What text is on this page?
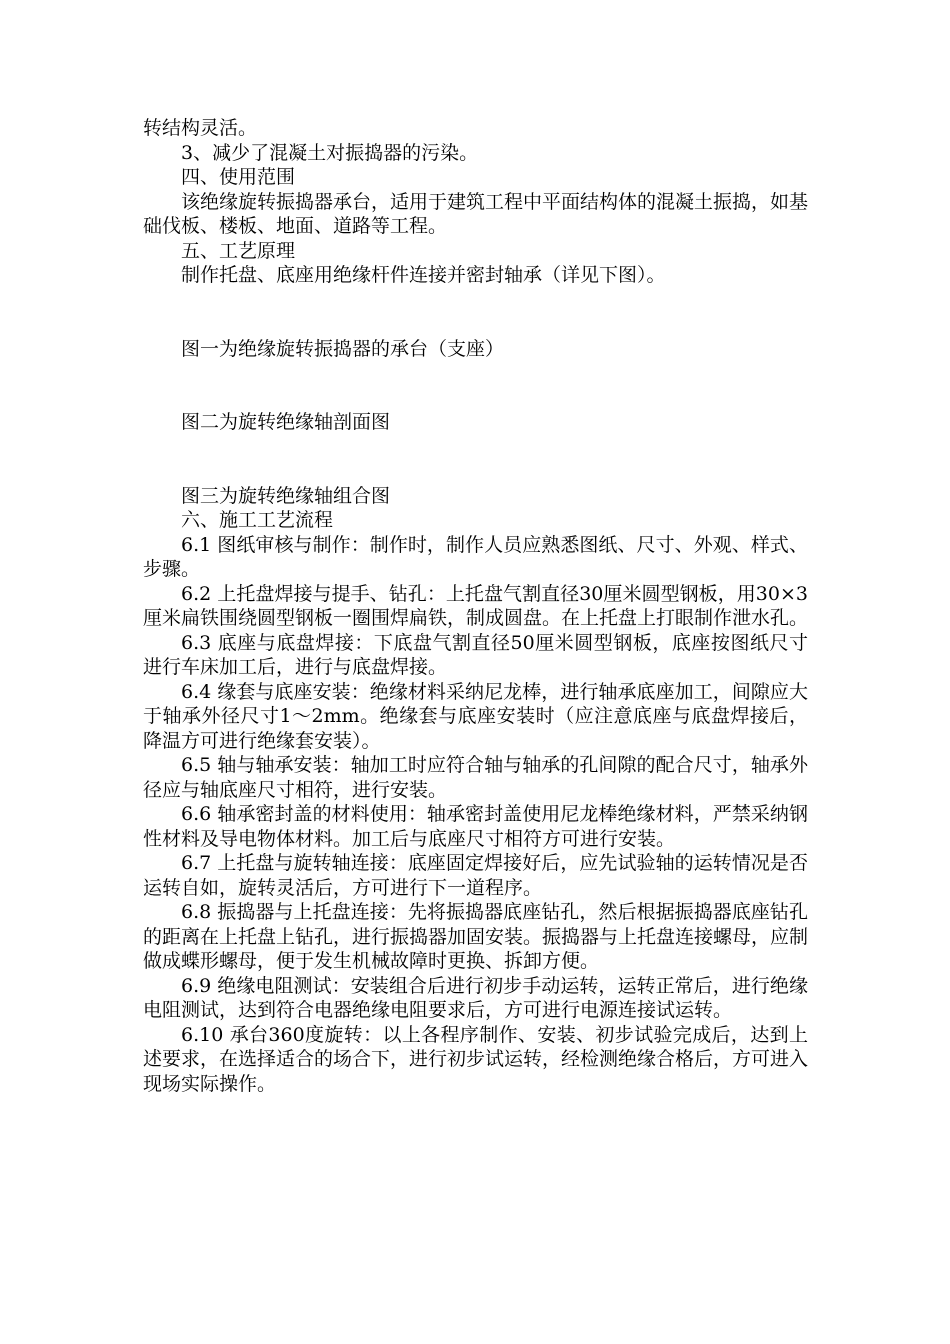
转结构灵活。

3、减少了混凝土对振捣器的污染。

四、使用范围

该绝缘旋转振捣器承台，适用于建筑工程中平面结构体的混凝土振捣，如基础伐板、楼板、地面、道路等工程。

五、工艺原理

制作托盘、底座用绝缘杆件连接并密封轴承（详见下图）。

图一为绝缘旋转振捣器的承台（支座）

图二为旋转绝缘轴剖面图

图三为旋转绝缘轴组合图

六、施工工艺流程

6.1 图纸审核与制作：制作时，制作人员应熟悉图纸、尺寸、外观、样式、步骤。

6.2 上托盘焊接与提手、钻孔：上托盘气割直径30厘米圆型钢板，用30×3厘米扁铁围绕圆型钢板一圈围焊扁铁，制成圆盘。在上托盘上打眼制作泄水孔。

6.3 底座与底盘焊接：下底盘气割直径50厘米圆型钢板，底座按图纸尺寸进行车床加工后，进行与底盘焊接。

6.4 缘套与底座安装：绝缘材料采纳尼龙棒，进行轴承底座加工，间隙应大于轴承外径尺寸1～2mm。绝缘套与底座安装时（应注意底座与底盘焊接后，降温方可进行绝缘套安装）。

6.5 轴与轴承安装：轴加工时应符合轴与轴承的孔间隙的配合尺寸，轴承外径应与轴底座尺寸相符，进行安装。

6.6 轴承密封盖的材料使用：轴承密封盖使用尼龙棒绝缘材料，严禁采纳钢性材料及导电物体材料。加工后与底座尺寸相符方可进行安装。

6.7 上托盘与旋转轴连接：底座固定焊接好后，应先试验轴的运转情况是否运转自如，旋转灵活后，方可进行下一道程序。

6.8 振捣器与上托盘连接：先将振捣器底座钻孔，然后根据振捣器底座钻孔的距离在上托盘上钻孔，进行振捣器加固安装。振捣器与上托盘连接螺母，应制做成蝶形螺母，便于发生机械故障时更换、拆卸方便。

6.9 绝缘电阻测试：安装组合后进行初步手动运转，运转正常后，进行绝缘电阻测试，达到符合电器绝缘电阻要求后，方可进行电源连接试运转。

6.10 承台360度旋转：以上各程序制作、安装、初步试验完成后，达到上述要求，在选择适合的场合下，进行初步试运转，经检测绝缘合格后，方可进入现场实际操作。
